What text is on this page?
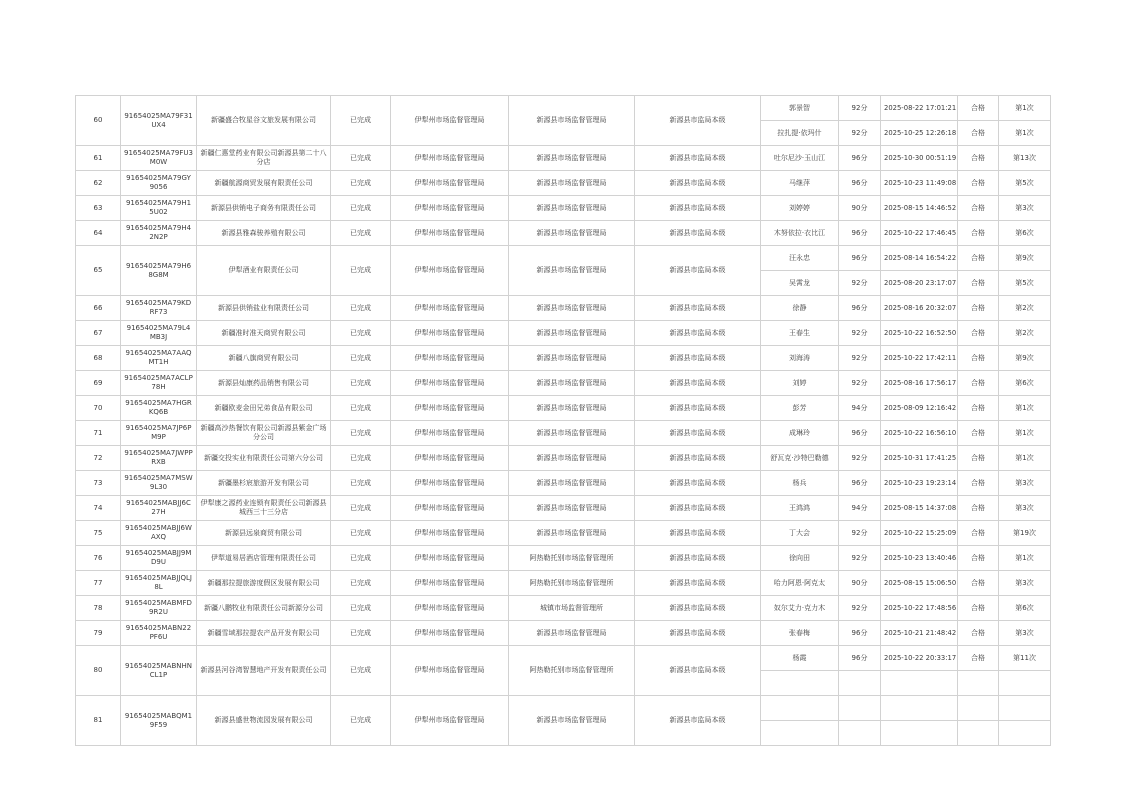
60	91654025MA79F31UX4	新疆盛合牧星谷文旅发展有限公司	已完成	伊犁州市场监督管理局	新源县市场监督管理局	新源县市监局本级	郭景智	92分	2025-08-22 17:01:21	合格	第1次
							拉扎提·依玛什	92分	2025-10-25 12:26:18	合格	第1次
61	91654025MA79FU3M0W	新疆仁惠堂药业有限公司新源县第二十八分店	已完成	伊犁州市场监督管理局	新源县市场监督管理局	新源县市监局本级	吐尔尼沙·玉山江	96分	2025-10-30 00:51:19	合格	第13次
62	91654025MA79GY9056	新疆航源商贸发展有限责任公司	已完成	伊犁州市场监督管理局	新源县市场监督管理局	新源县市监局本级	马继萍	96分	2025-10-23 11:49:08	合格	第5次
63	91654025MA79H15U02	新源县供销电子商务有限责任公司	已完成	伊犁州市场监督管理局	新源县市场监督管理局	新源县市监局本级	刘婷婷	90分	2025-08-15 14:46:52	合格	第3次
64	91654025MA79H42N2P	新源县雅森骏养殖有限公司	已完成	伊犁州市场监督管理局	新源县市场监督管理局	新源县市监局本级	木努依拉·衣比江	96分	2025-10-22 17:46:45	合格	第6次
65	91654025MA79H68G8M	伊犁酒业有限责任公司	已完成	伊犁州市场监督管理局	新源县市场监督管理局	新源县市监局本级	汪永忠	96分	2025-08-14 16:54:22	合格	第9次
							吴霄龙	92分	2025-08-20 23:17:07	合格	第5次
66	91654025MA79KDRF73	新源县供销盐业有限责任公司	已完成	伊犁州市场监督管理局	新源县市场监督管理局	新源县市监局本级	徐静	96分	2025-08-16 20:32:07	合格	第2次
67	91654025MA79L4MB3J	新疆准时准天商贸有限公司	已完成	伊犁州市场监督管理局	新源县市场监督管理局	新源县市监局本级	王春生	92分	2025-10-22 16:52:50	合格	第2次
68	91654025MA7AAQMT1H	新疆八旗商贸有限公司	已完成	伊犁州市场监督管理局	新源县市场监督管理局	新源县市监局本级	刘海涛	92分	2025-10-22 17:42:11	合格	第9次
69	91654025MA7ACLP78H	新源县灿康药品销售有限公司	已完成	伊犁州市场监督管理局	新源县市场监督管理局	新源县市监局本级	刘婷	92分	2025-08-16 17:56:17	合格	第6次
70	91654025MA7HGRKQ6B	新疆欧麦金田兄弟食品有限公司	已完成	伊犁州市场监督管理局	新源县市场监督管理局	新源县市监局本级	彭芳	94分	2025-08-09 12:16:42	合格	第1次
71	91654025MA7JP6PM9P	新疆高沙热餐饮有限公司新源县紫金广场分公司	已完成	伊犁州市场监督管理局	新源县市场监督管理局	新源县市监局本级	成琳玲	96分	2025-10-22 16:56:10	合格	第1次
72	91654025MA7JWPPRXB	新疆交投实业有限责任公司第六分公司	已完成	伊犁州市场监督管理局	新源县市场监督管理局	新源县市监局本级	舒瓦克·沙特巴勒德	92分	2025-10-31 17:41:25	合格	第1次
73	91654025MA7MSW9L30	新疆墨杉宸旅游开发有限公司	已完成	伊犁州市场监督管理局	新源县市场监督管理局	新源县市监局本级	杨兵	96分	2025-10-23 19:23:14	合格	第3次
74	91654025MABJJ6C27H	伊犁康之源药业连锁有限责任公司新源县城西三十三分店	已完成	伊犁州市场监督管理局	新源县市场监督管理局	新源县市监局本级	王鸿鸿	94分	2025-08-15 14:37:08	合格	第3次
75	91654025MABJJ6WAXQ	新源县远泉商贸有限公司	已完成	伊犁州市场监督管理局	新源县市场监督管理局	新源县市监局本级	丁大会	92分	2025-10-22 15:25:09	合格	第19次
76	91654025MABJJ9MD9U	伊犁道易居酒店管理有限责任公司	已完成	伊犁州市场监督管理局	阿热勒托别市场监督管理所	新源县市监局本级	徐向田	92分	2025-10-23 13:40:46	合格	第1次
77	91654025MABJJQLJ8L	新疆那拉提旅游度假区发展有限公司	已完成	伊犁州市场监督管理局	阿热勒托别市场监督管理所	新源县市监局本级	哈力阿恩·阿克太	90分	2025-08-15 15:06:50	合格	第3次
78	91654025MABMFD9R2U	新疆八鹏牧业有限责任公司新源分公司	已完成	伊犁州市场监督管理局	城镇市场监督管理所	新源县市监局本级	奴尔艾力·克力木	92分	2025-10-22 17:48:56	合格	第6次
79	91654025MABN22PF6U	新疆雪域那拉提农产品开发有限公司	已完成	伊犁州市场监督管理局	新源县市场监督管理局	新源县市监局本级	张春梅	96分	2025-10-21 21:48:42	合格	第3次
80	91654025MABNHNCL1P	新源县河谷湾智慧地产开发有限责任公司	已完成	伊犁州市场监督管理局	阿热勒托别市场监督管理所	新源县市监局本级	杨霞	96分	2025-10-22 20:33:17	合格	第11次

81	91654025MABQM19F59	新源县盛世物流园发展有限公司	已完成	伊犁州市场监督管理局	新源县市场监督管理局	新源县市监局本级					
